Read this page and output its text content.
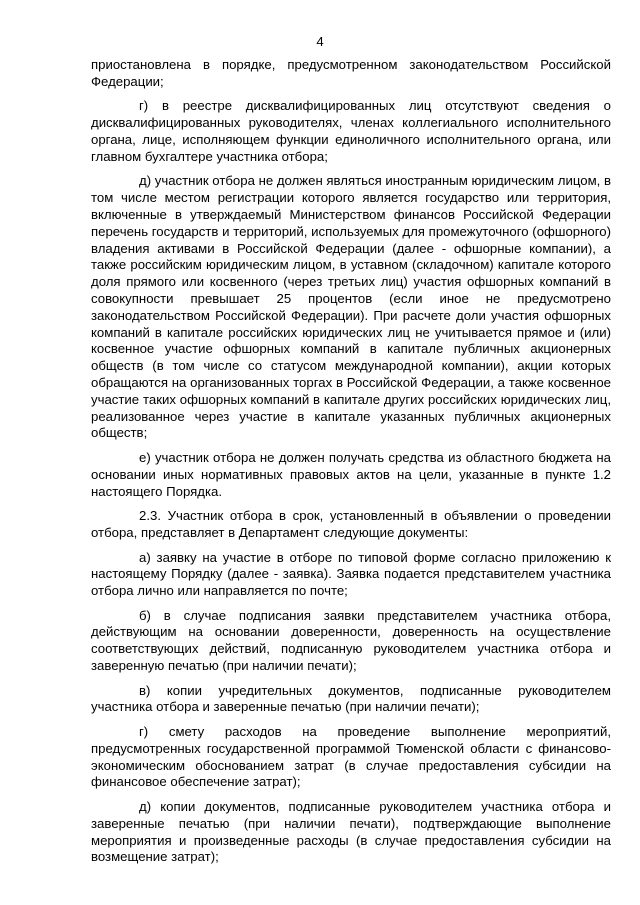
4

приостановлена в порядке, предусмотренном законодательством Российской Федерации;

г) в реестре дисквалифицированных лиц отсутствуют сведения о дисквалифицированных руководителях, членах коллегиального исполнительного органа, лице, исполняющем функции единоличного исполнительного органа, или главном бухгалтере участника отбора;

д) участник отбора не должен являться иностранным юридическим лицом, в том числе местом регистрации которого является государство или территория, включенные в утверждаемый Министерством финансов Российской Федерации перечень государств и территорий, используемых для промежуточного (офшорного) владения активами в Российской Федерации (далее - офшорные компании), а также российским юридическим лицом, в уставном (складочном) капитале которого доля прямого или косвенного (через третьих лиц) участия офшорных компаний в совокупности превышает 25 процентов (если иное не предусмотрено законодательством Российской Федерации). При расчете доли участия офшорных компаний в капитале российских юридических лиц не учитывается прямое и (или) косвенное участие офшорных компаний в капитале публичных акционерных обществ (в том числе со статусом международной компании), акции которых обращаются на организованных торгах в Российской Федерации, а также косвенное участие таких офшорных компаний в капитале других российских юридических лиц, реализованное через участие в капитале указанных публичных акционерных обществ;

е) участник отбора не должен получать средства из областного бюджета на основании иных нормативных правовых актов на цели, указанные в пункте 1.2 настоящего Порядка.

2.3. Участник отбора в срок, установленный в объявлении о проведении отбора, представляет в Департамент следующие документы:

а) заявку на участие в отборе по типовой форме согласно приложению к настоящему Порядку (далее - заявка). Заявка подается представителем участника отбора лично или направляется по почте;

б) в случае подписания заявки представителем участника отбора, действующим на основании доверенности, доверенность на осуществление соответствующих действий, подписанную руководителем участника отбора и заверенную печатью (при наличии печати);

в) копии учредительных документов, подписанные руководителем участника отбора и заверенные печатью (при наличии печати);

г) смету расходов на проведение выполнение мероприятий, предусмотренных государственной программой Тюменской области с финансово-экономическим обоснованием затрат (в случае предоставления субсидии на финансовое обеспечение затрат);

д) копии документов, подписанные руководителем участника отбора и заверенные печатью (при наличии печати), подтверждающие выполнение мероприятия и произведенные расходы (в случае предоставления субсидии на возмещение затрат);
